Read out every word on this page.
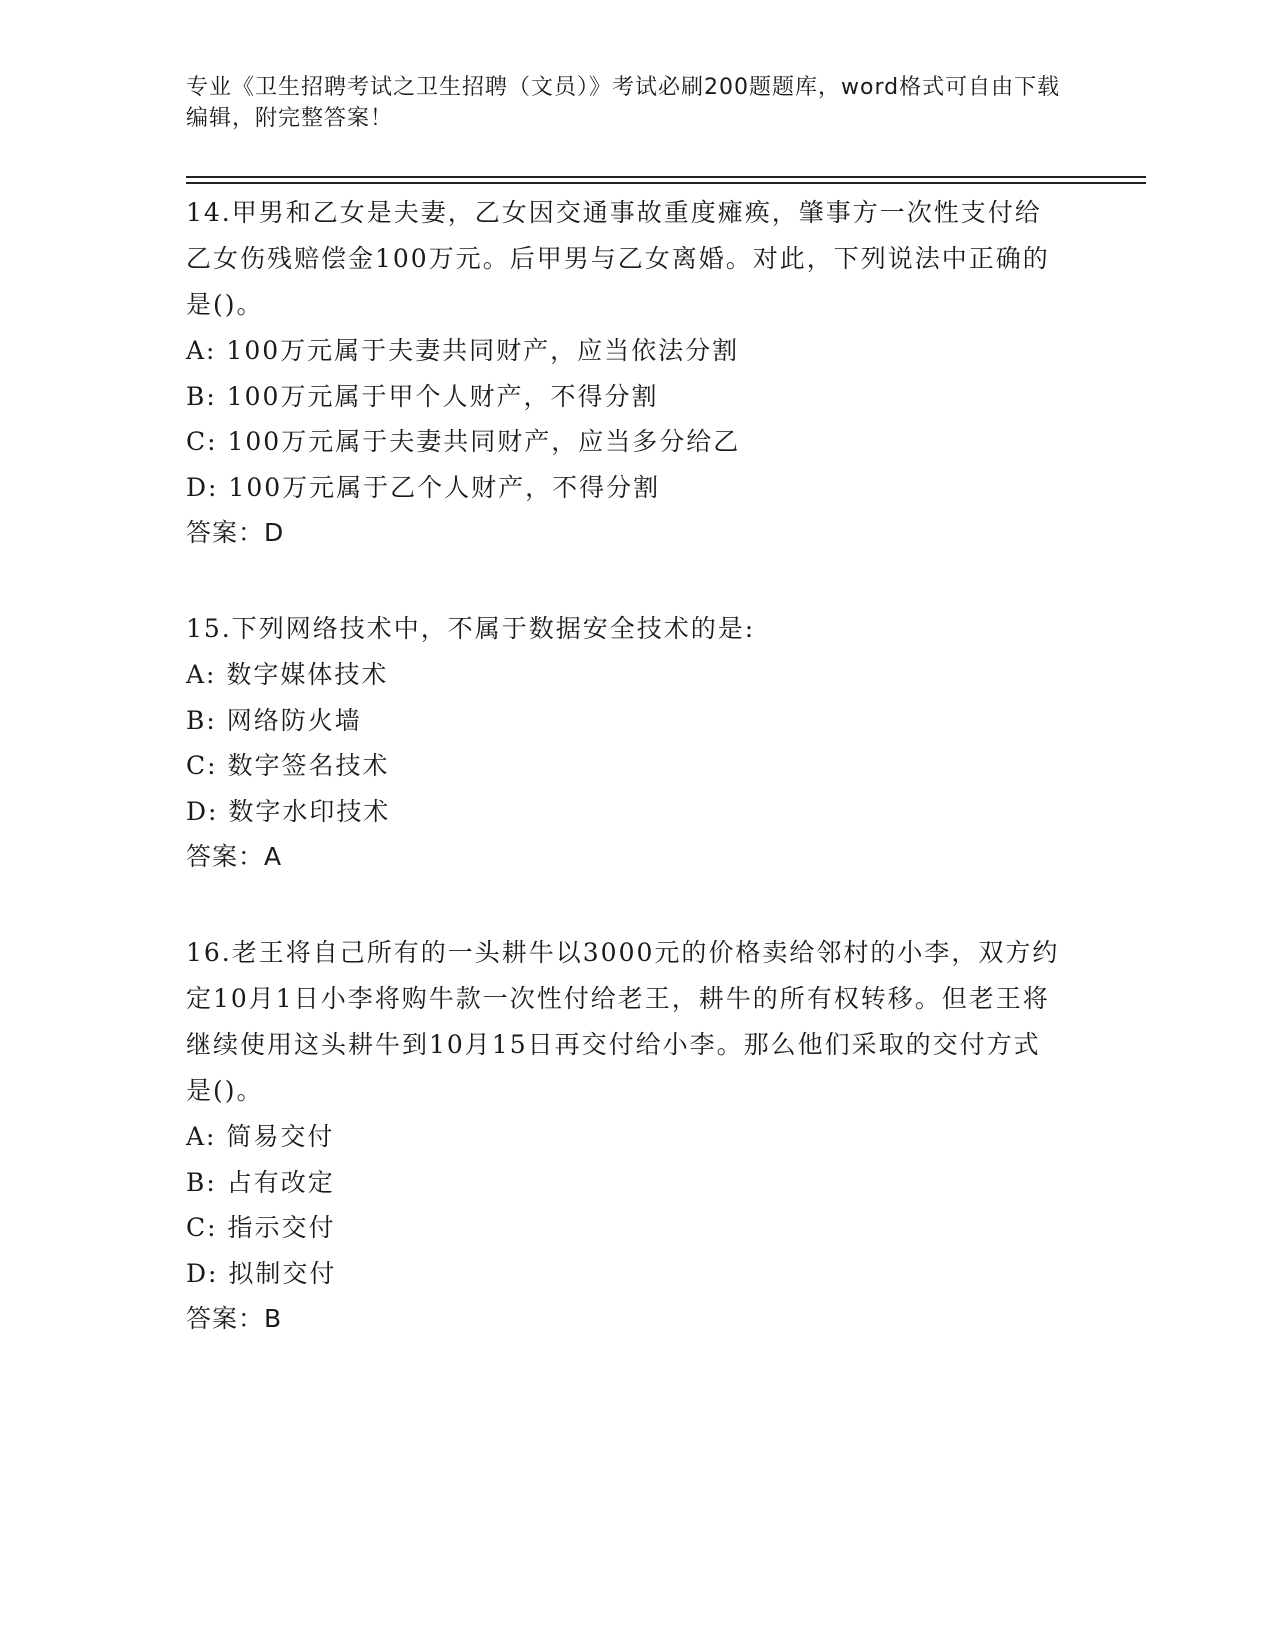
专业《卫生招聘考试之卫生招聘（文员）》考试必刷200题题库，word格式可自由下载编辑，附完整答案！
14.甲男和乙女是夫妻，乙女因交通事故重度瘫痪，肇事方一次性支付给乙女伤残赔偿金100万元。后甲男与乙女离婚。对此，下列说法中正确的是()。
A: 100万元属于夫妻共同财产，应当依法分割
B: 100万元属于甲个人财产，不得分割
C: 100万元属于夫妻共同财产，应当多分给乙
D: 100万元属于乙个人财产，不得分割
答案：D
15.下列网络技术中，不属于数据安全技术的是:
A: 数字媒体技术
B: 网络防火墙
C: 数字签名技术
D: 数字水印技术
答案：A
16.老王将自己所有的一头耕牛以3000元的价格卖给邻村的小李，双方约定10月1日小李将购牛款一次性付给老王，耕牛的所有权转移。但老王将继续使用这头耕牛到10月15日再交付给小李。那么他们采取的交付方式是()。
A: 简易交付
B: 占有改定
C: 指示交付
D: 拟制交付
答案：B
